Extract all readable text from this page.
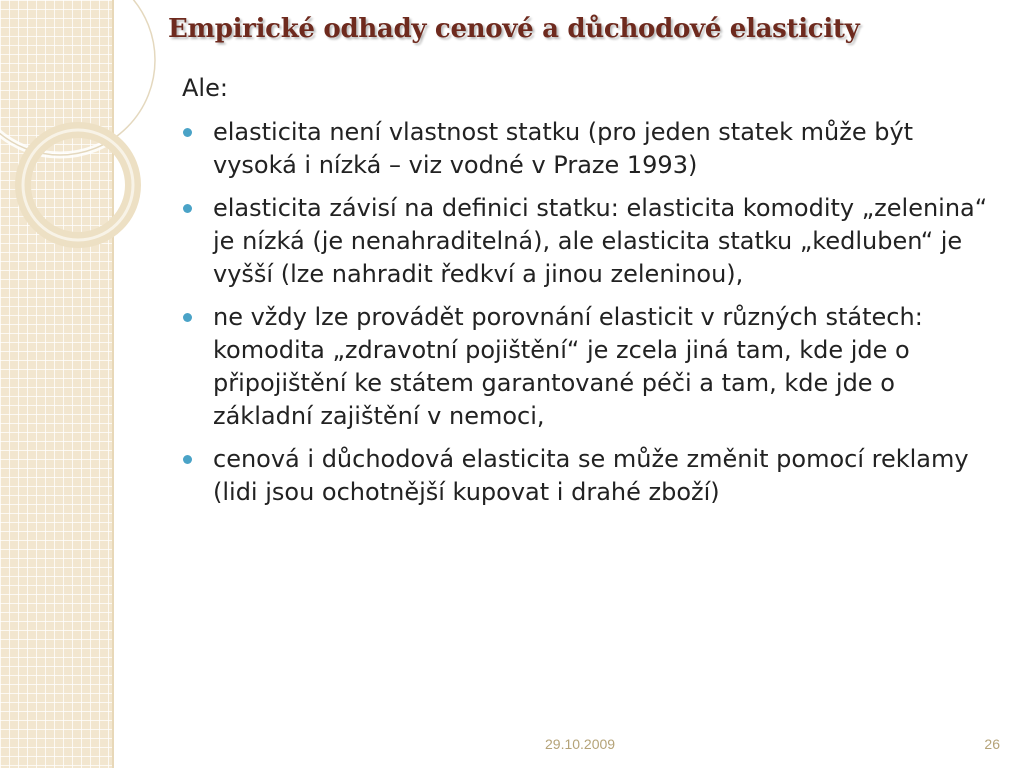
Empirické odhady cenové a důchodové elasticity

Ale:

elasticita není vlastnost statku (pro jeden statek může být vysoká i nízká – viz vodné v Praze 1993)
elasticita závisí na definici statku: elasticita komodity „zelenina“ je nízká (je nenahraditelná), ale elasticita statku „kedluben“ je vyšší (lze nahradit ředkví a jinou zeleninou),
ne vždy lze provádět porovnání elasticit v různých státech: komodita „zdravotní pojištění“ je zcela jiná tam, kde jde o připojištění ke státem garantované péči a tam, kde jde o základní zajištění v nemoci,
cenová i důchodová elasticita se může změnit pomocí reklamy (lidi jsou ochotnější kupovat i drahé zboží)
29.10.2009	26
